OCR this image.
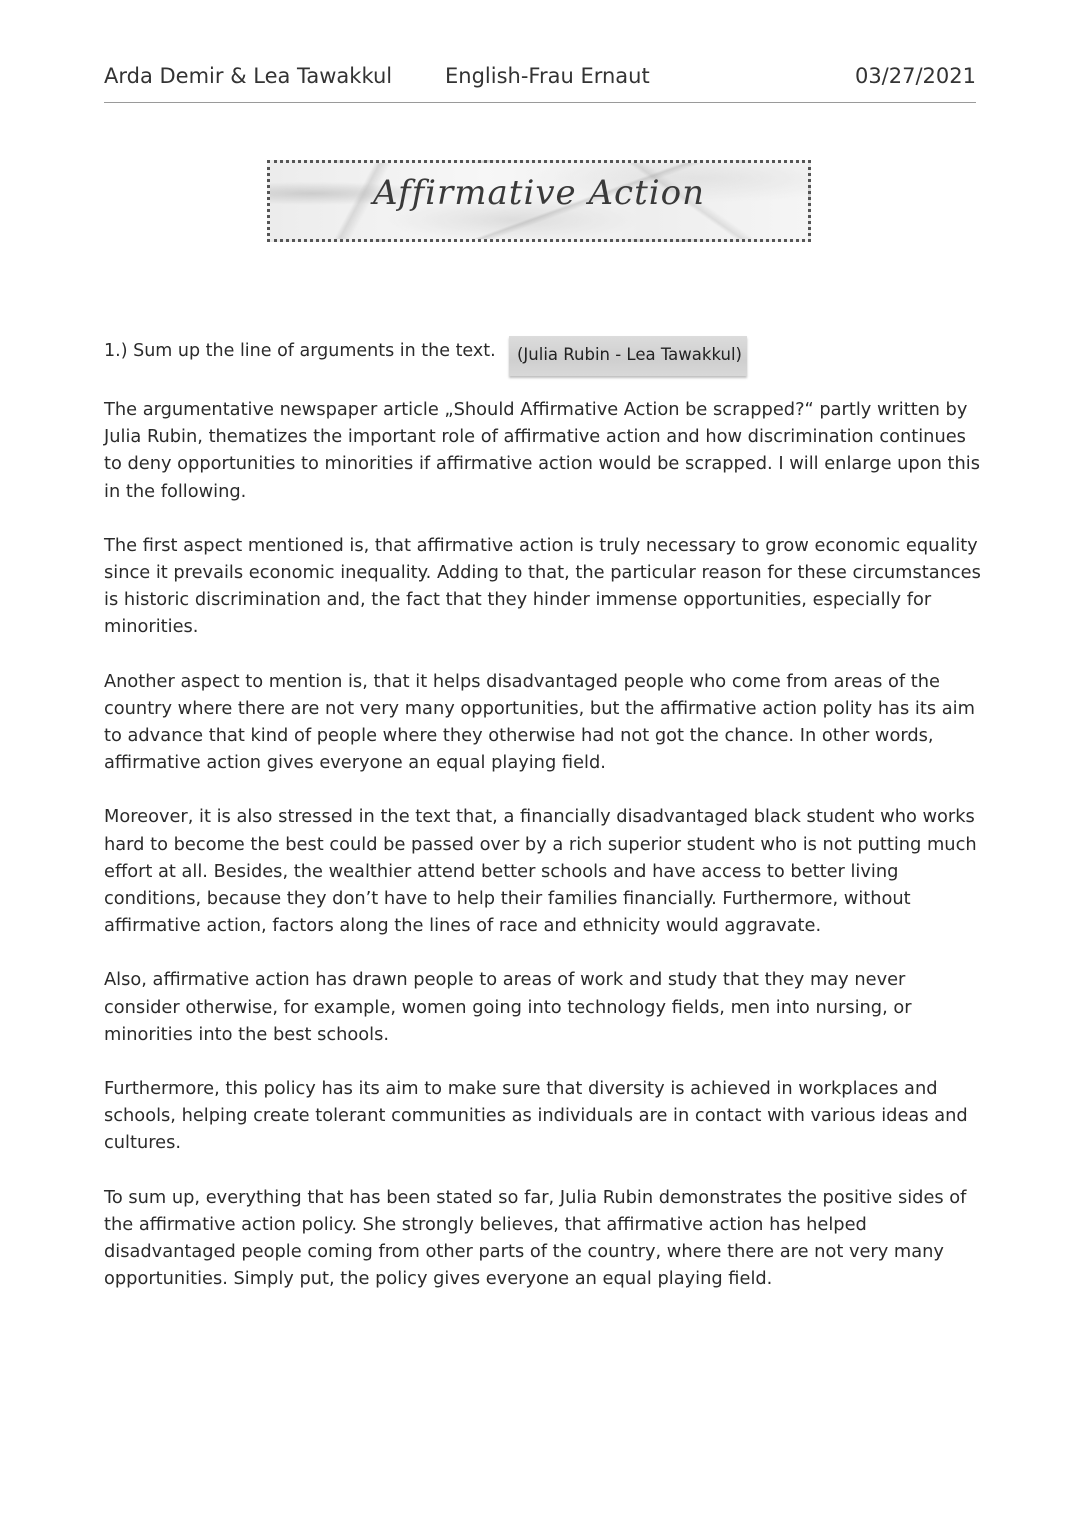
Arda Demir & Lea Tawakkul	English-Frau Ernaut	03/27/2021
Affirmative Action
1.) Sum up the line of arguments in the text.	(Julia Rubin - Lea Tawakkul)

The argumentative newspaper article „Should Affirmative Action be scrapped?“ partly written by Julia Rubin, thematizes the important role of affirmative action and how discrimination continues to deny opportunities to minorities if affirmative action would be scrapped. I will enlarge upon this in the following.

The first aspect mentioned is, that affirmative action is truly necessary to grow economic equality since it prevails economic inequality. Adding to that, the particular reason for these circumstances is historic discrimination and, the fact that they hinder immense opportunities, especially for minorities.

Another aspect to mention is, that it helps disadvantaged people who come from areas of the country where there are not very many opportunities, but the affirmative action polity has its aim to advance that kind of people where they otherwise had not got the chance. In other words, affirmative action gives everyone an equal playing field.

Moreover, it is also stressed in the text that, a financially disadvantaged black student who works hard to become the best could be passed over by a rich superior student who is not putting much effort at all. Besides, the wealthier attend better schools and have access to better living conditions, because they don’t have to help their families financially. Furthermore, without affirmative action, factors along the lines of race and ethnicity would aggravate.

Also, affirmative action has drawn people to areas of work and study that they may never consider otherwise, for example, women going into technology fields, men into nursing, or minorities into the best schools.

Furthermore, this policy has its aim to make sure that diversity is achieved in workplaces and schools, helping create tolerant communities as individuals are in contact with various ideas and cultures.

To sum up, everything that has been stated so far, Julia Rubin demonstrates the positive sides of the affirmative action policy. She strongly believes, that affirmative action has helped disadvantaged people coming from other parts of the country, where there are not very many opportunities. Simply put, the policy gives everyone an equal playing field.
